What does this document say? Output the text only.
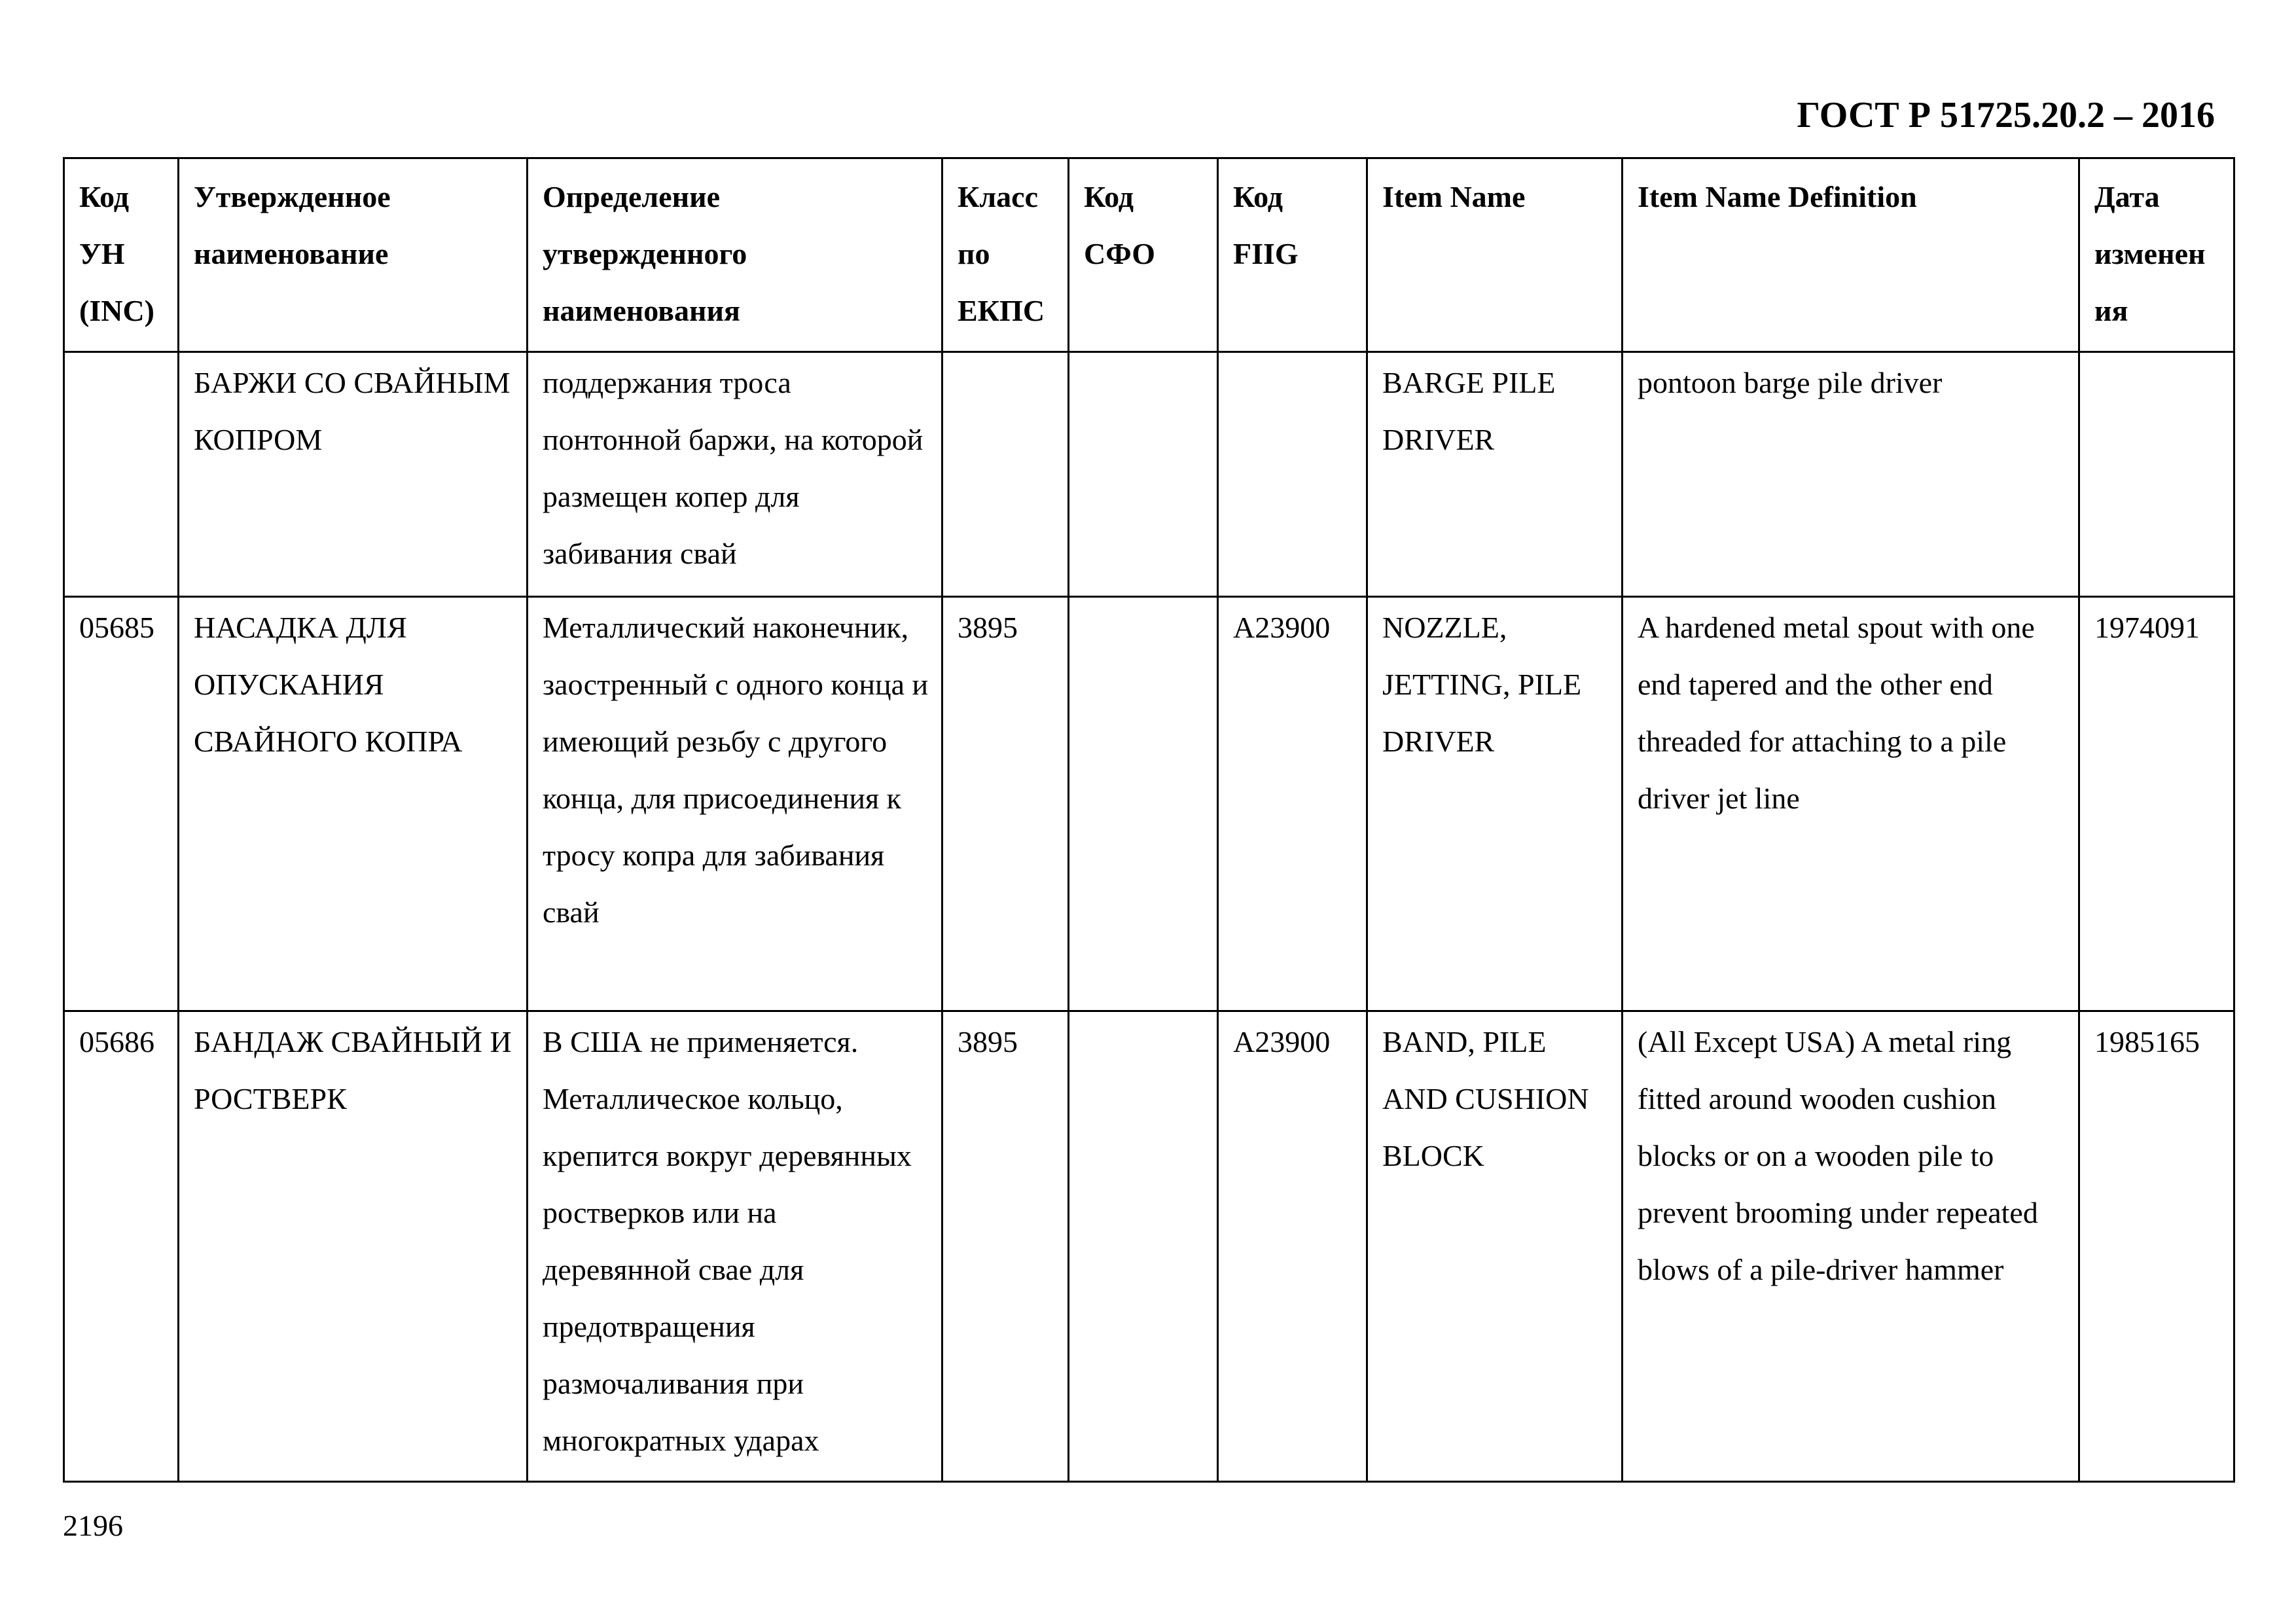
ГОСТ Р 51725.20.2 – 2016
Код УН (INC)	Утвержденное наименование	Определение утвержденного наименования	Класс по ЕКПС	Код СФО	Код FIIG	Item Name	Item Name Definition	Дата изменения
	БАРЖИ СО СВАЙНЫМ КОПРОМ	поддержания троса понтонной баржи, на которой размещен копер для забивания свай				BARGE PILE DRIVER	pontoon barge pile driver	
05685	НАСАДКА ДЛЯ ОПУСКАНИЯ СВАЙНОГО КОПРА	Металлический наконечник, заостренный с одного конца и имеющий резьбу с другого конца, для присоединения к тросу копра для забивания свай	3895		A23900	NOZZLE, JETTING, PILE DRIVER	A hardened metal spout with one end tapered and the other end threaded for attaching to a pile driver jet line	1974091
05686	БАНДАЖ СВАЙНЫЙ И РОСТВЕРК	В США не применяется. Металлическое кольцо, крепится вокруг деревянных ростверков или на деревянной свае для предотвращения размочаливания при многократных ударах	3895		A23900	BAND, PILE AND CUSHION BLOCK	(All Except USA) A metal ring fitted around wooden cushion blocks or on a wooden pile to prevent brooming under repeated blows of a pile-driver hammer	1985165
2196
